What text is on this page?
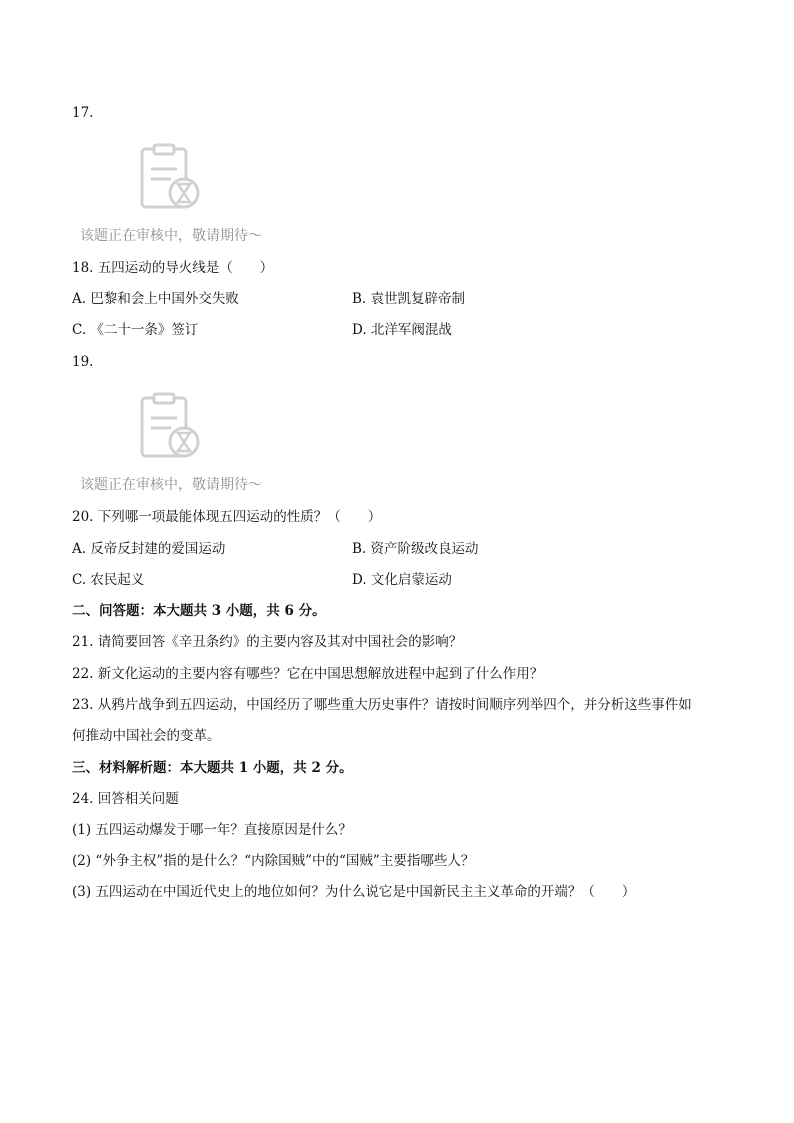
17.
该题正在审核中，敬请期待～
18. 五四运动的导火线是（　　）
A. 巴黎和会上中国外交失败	B. 袁世凯复辟帝制
C. 《二十一条》签订	D. 北洋军阀混战
19.
该题正在审核中，敬请期待～
20. 下列哪一项最能体现五四运动的性质？（　　）
A. 反帝反封建的爱国运动	B. 资产阶级改良运动
C. 农民起义	D. 文化启蒙运动
二、问答题：本大题共 3 小题，共 6 分。
21. 请简要回答《辛丑条约》的主要内容及其对中国社会的影响？
22. 新文化运动的主要内容有哪些？它在中国思想解放进程中起到了什么作用？
23. 从鸦片战争到五四运动，中国经历了哪些重大历史事件？请按时间顺序列举四个，并分析这些事件如
何推动中国社会的变革。
三、材料解析题：本大题共 1 小题，共 2 分。
24. 回答相关问题
(1) 五四运动爆发于哪一年？直接原因是什么？
(2) “外争主权”指的是什么？“内除国贼”中的“国贼”主要指哪些人？
(3) 五四运动在中国近代史上的地位如何？为什么说它是中国新民主主义革命的开端？（　　）
